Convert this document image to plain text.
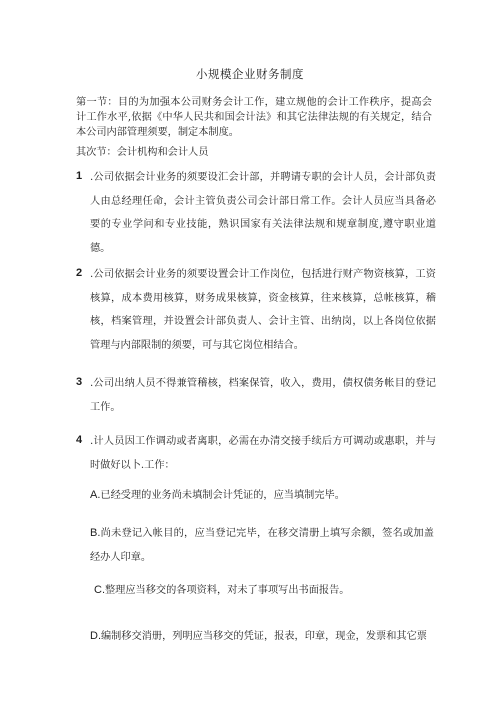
小规模企业财务制度
第一节：目的为加强本公司财务会计工作，建立规他的会计工作秩序，提高会计工作水平,依据《中华人民共和国会计法》和其它法律法规的有关规定，结合本公司内部管理须要，制定本制度。
其次节：会计机构和会计人员
1 .公司依据会计业务的须要设汇会计部，并聘请专职的会计人员，会计部负责人由总经理任命，会计主管负责公司会计部日常工作。会计人员应当具备必要的专业学问和专业技能，熟识国家有关法律法规和规章制度,遵守职业道德。
2 .公司依据会计业务的须要设置会计工作岗位，包括进行财产物资核算，工资核算，成本费用核算，财务成果核算，资金核算，往来核算，总帐核算，稽核，档案管理，并设置会计部负责人、会计主管、出纳岗，以上各岗位依据管理与内部限制的须要，可与其它岗位相结合。
3 .公司出纳人员不得兼管稽核，档案保管，收入，费用，债权债务帐目的登记工作。
4 .计人员因工作调动或者离职，必需在办清交接手续后方可调动或惠职，并与时做好以卜.工作：
A.已经受理的业务尚未填制会计凭证的，应当填制完毕。
B.尚未登记入帐目的，应当登记完毕，在移交清册上填写余额，签名或加盖经办人印章。
C.整理应当移交的各项资料，对未了事项写出书面报告。
D.编制移交消册，列明应当移交的凭证，报表，印章，现金，发票和其它票
